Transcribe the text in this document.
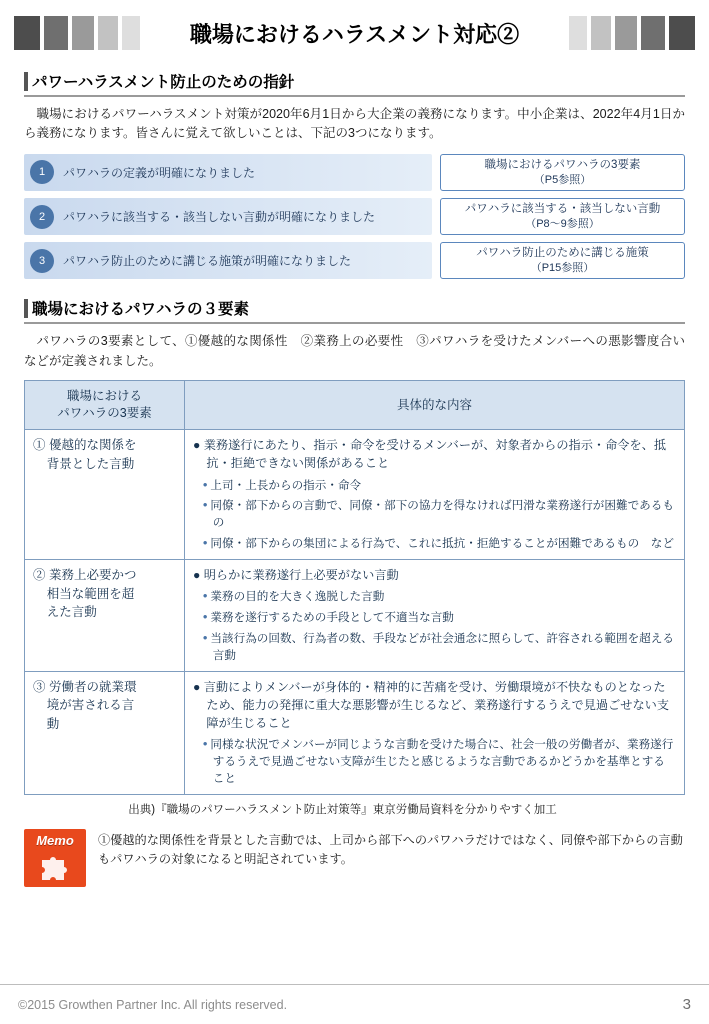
職場におけるハラスメント対応②
パワーハラスメント防止のための指針
職場におけるパワーハラスメント対策が2020年6月1日から大企業の義務になります。中小企業は、2022年4月1日から義務になります。皆さんに覚えて欲しいことは、下記の3つになります。
1	パワハラの定義が明確になりました
職場におけるパワハラの3要素
（P5参照）
2	パワハラに該当する・該当しない言動が明確になりました
パワハラに該当する・該当しない言動
（P8～9参照）
3	パワハラ防止のために講じる施策が明確になりました
パワハラ防止のために講じる施策
（P15参照）
職場におけるパワハラの３要素
パワハラの3要素として、①優越的な関係性　②業務上の必要性　③パワハラを受けたメンバーへの悪影響度合い　などが定義されました。
職場における
パワハラの3要素	具体的な内容

① 優越的な関係を
背景とした言動

● 業務遂行にあたり、指示・命令を受けるメンバーが、対象者からの指示・命令を、抵抗・拒絶できない関係があること

• 上司・上長からの指示・命令

• 同僚・部下からの言動で、同僚・部下の協力を得なければ円滑な業務遂行が困難であるもの

• 同僚・部下からの集団による行為で、これに抵抗・拒絶することが困難であるもの　など

② 業務上必要かつ
相当な範囲を超
えた言動

● 明らかに業務遂行上必要がない言動

• 業務の目的を大きく逸脱した言動

• 業務を遂行するための手段として不適当な言動

• 当該行為の回数、行為者の数、手段などが社会通念に照らして、許容される範囲を超える言動

③ 労働者の就業環
境が害される言
動

● 言動によりメンバーが身体的・精神的に苦痛を受け、労働環境が不快なものとなったため、能力の発揮に重大な悪影響が生じるなど、業務遂行するうえで見過ごせない支障が生じること

• 同様な状況でメンバーが同じような言動を受けた場合に、社会一般の労働者が、業務遂行するうえで見過ごせない支障が生じたと感じるような言動であるかどうかを基準とすること

出典)『職場のパワーハラスメント防止対策等』東京労働局資料を分かりやすく加工
Memo ①優越的な関係性を背景とした言動では、上司から部下へのパワハラだけではなく、同僚や部下からの言動もパワハラの対象になると明記されています。
©2015 Growthen Partner Inc. All rights reserved.	3
